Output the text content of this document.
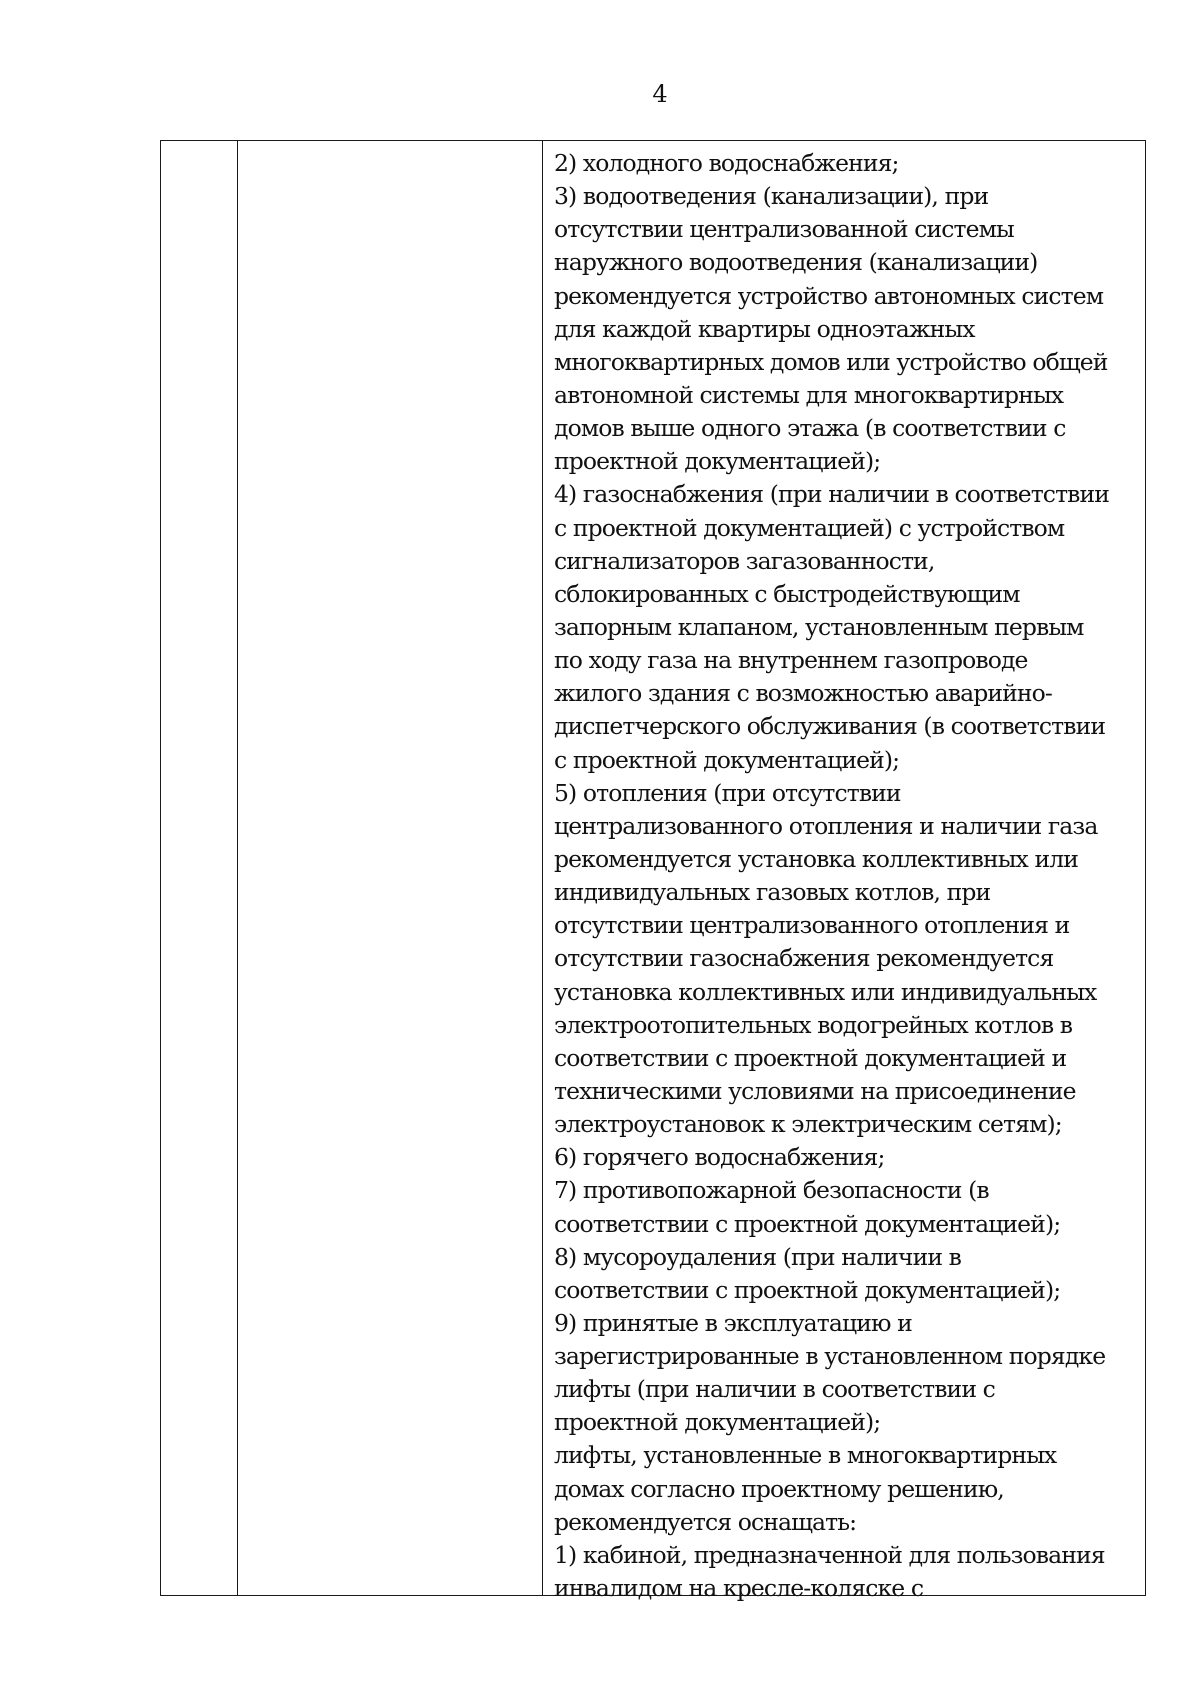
4
2) холодного водоснабжения;
3) водоотведения (канализации), при
отсутствии централизованной системы
наружного водоотведения (канализации)
рекомендуется устройство автономных систем
для каждой квартиры одноэтажных
многоквартирных домов или устройство общей
автономной системы для многоквартирных
домов выше одного этажа (в соответствии с
проектной документацией);
4) газоснабжения (при наличии в соответствии
с проектной документацией) с устройством
сигнализаторов загазованности,
сблокированных с быстродействующим
запорным клапаном, установленным первым
по ходу газа на внутреннем газопроводе
жилого здания с возможностью аварийно-
диспетчерского обслуживания (в соответствии
с проектной документацией);
5) отопления (при отсутствии
централизованного отопления и наличии газа
рекомендуется установка коллективных или
индивидуальных газовых котлов, при
отсутствии централизованного отопления и
отсутствии газоснабжения рекомендуется
установка коллективных или индивидуальных
электроотопительных водогрейных котлов в
соответствии с проектной документацией и
техническими условиями на присоединение
электроустановок к электрическим сетям);
6) горячего водоснабжения;
7) противопожарной безопасности (в
соответствии с проектной документацией);
8) мусороудаления (при наличии в
соответствии с проектной документацией);
9) принятые в эксплуатацию и
зарегистрированные в установленном порядке
лифты (при наличии в соответствии с
проектной документацией);
лифты, установленные в многоквартирных
домах согласно проектному решению,
рекомендуется оснащать:
1) кабиной, предназначенной для пользования
инвалидом на кресле-коляске с
